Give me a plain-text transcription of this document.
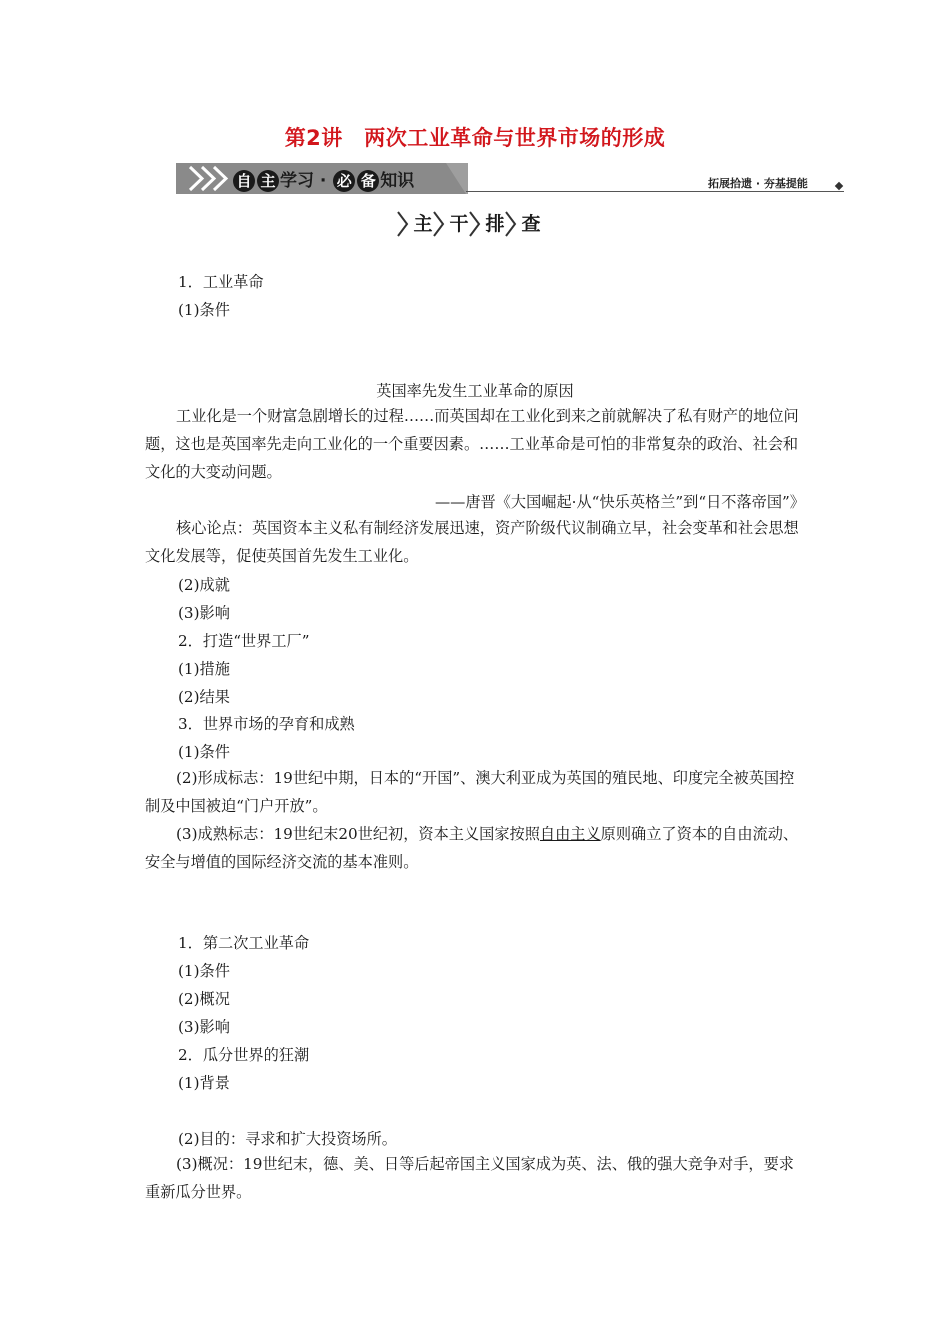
第2讲　两次工业革命与世界市场的形成
自 主 学习 · 必 备 知识	拓展拾遗 · 夯基提能
主 干 排 查
1．工业革命
(1)条件
英国率先发生工业革命的原因
工业化是一个财富急剧增长的过程……而英国却在工业化到来之前就解决了私有财产的地位问题，这也是英国率先走向工业化的一个重要因素。……工业革命是可怕的非常复杂的政治、社会和文化的大变动问题。
——唐晋《大国崛起·从“快乐英格兰”到“日不落帝国”》
核心论点：英国资本主义私有制经济发展迅速，资产阶级代议制确立早，社会变革和社会思想文化发展等，促使英国首先发生工业化。
(2)成就
(3)影响
2．打造“世界工厂”
(1)措施
(2)结果
3．世界市场的孕育和成熟
(1)条件
(2)形成标志：19世纪中期，日本的“开国”、澳大利亚成为英国的殖民地、印度完全被英国控制及中国被迫“门户开放”。
(3)成熟标志：19世纪末20世纪初，资本主义国家按照自由主义原则确立了资本的自由流动、安全与增值的国际经济交流的基本准则。
1．第二次工业革命
(1)条件
(2)概况
(3)影响
2．瓜分世界的狂潮
(1)背景
(2)目的：寻求和扩大投资场所。
(3)概况：19世纪末，德、美、日等后起帝国主义国家成为英、法、俄的强大竞争对手，要求重新瓜分世界。
